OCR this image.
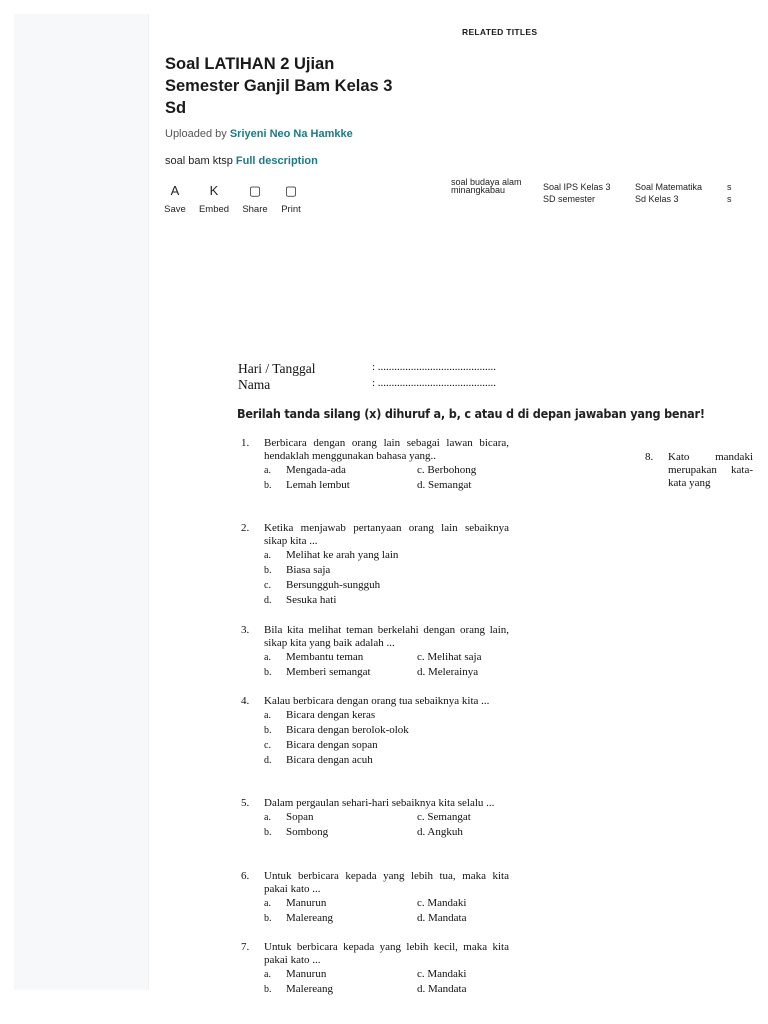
Soal LATIHAN 2 Ujian Semester Ganjil Bam Kelas 3 Sd
Uploaded by Sriyeni Neo Na Hamkke
soal bam ktsp Full description
A
Save
K
Embed
▢
Share
▢
Print
RELATED TITLES
soal budaya alam
minangkabau	Soal IPS Kelas 3
SD semester
Soal Matematika
Sd Kelas 3
s
s
Hari / Tanggal	: ...........................................
Nama	: ...........................................
Berilah tanda silang (x) dihuruf a, b, c atau d di depan jawaban yang benar!
1. Berbicara dengan orang lain sebagai lawan bicara, hendaklah menggunakan bahasa yang..
a.	Mengada-ada	c. Berbohong
b.	Lemah lembut	d. Semangat
2. Ketika menjawab pertanyaan orang lain sebaiknya sikap kita ...
a.	Melihat ke arah yang lain
b.	Biasa saja
c.	Bersungguh-sungguh
d.	Sesuka hati
3. Bila kita melihat teman berkelahi dengan orang lain, sikap kita yang baik adalah ...
a.	Membantu teman	c. Melihat saja
b.	Memberi semangat	d. Melerainya
4. Kalau berbicara dengan orang tua sebaiknya kita ...
a.	Bicara dengan keras
b.	Bicara dengan berolok-olok
c.	Bicara dengan sopan
d.	Bicara dengan acuh
5. Dalam pergaulan sehari-hari sebaiknya kita selalu ...
a.	Sopan	c. Semangat
b.	Sombong	d. Angkuh
6. Untuk berbicara kepada yang lebih tua, maka kita pakai kato ...
a.	Manurun	c. Mandaki
b.	Malereang	d. Mandata
7. Untuk berbicara kepada yang lebih kecil, maka kita pakai kato ...
a.	Manurun	c. Mandaki
b.	Malereang	d. Mandata
8. Kato mandaki merupakan kata-kata yang
